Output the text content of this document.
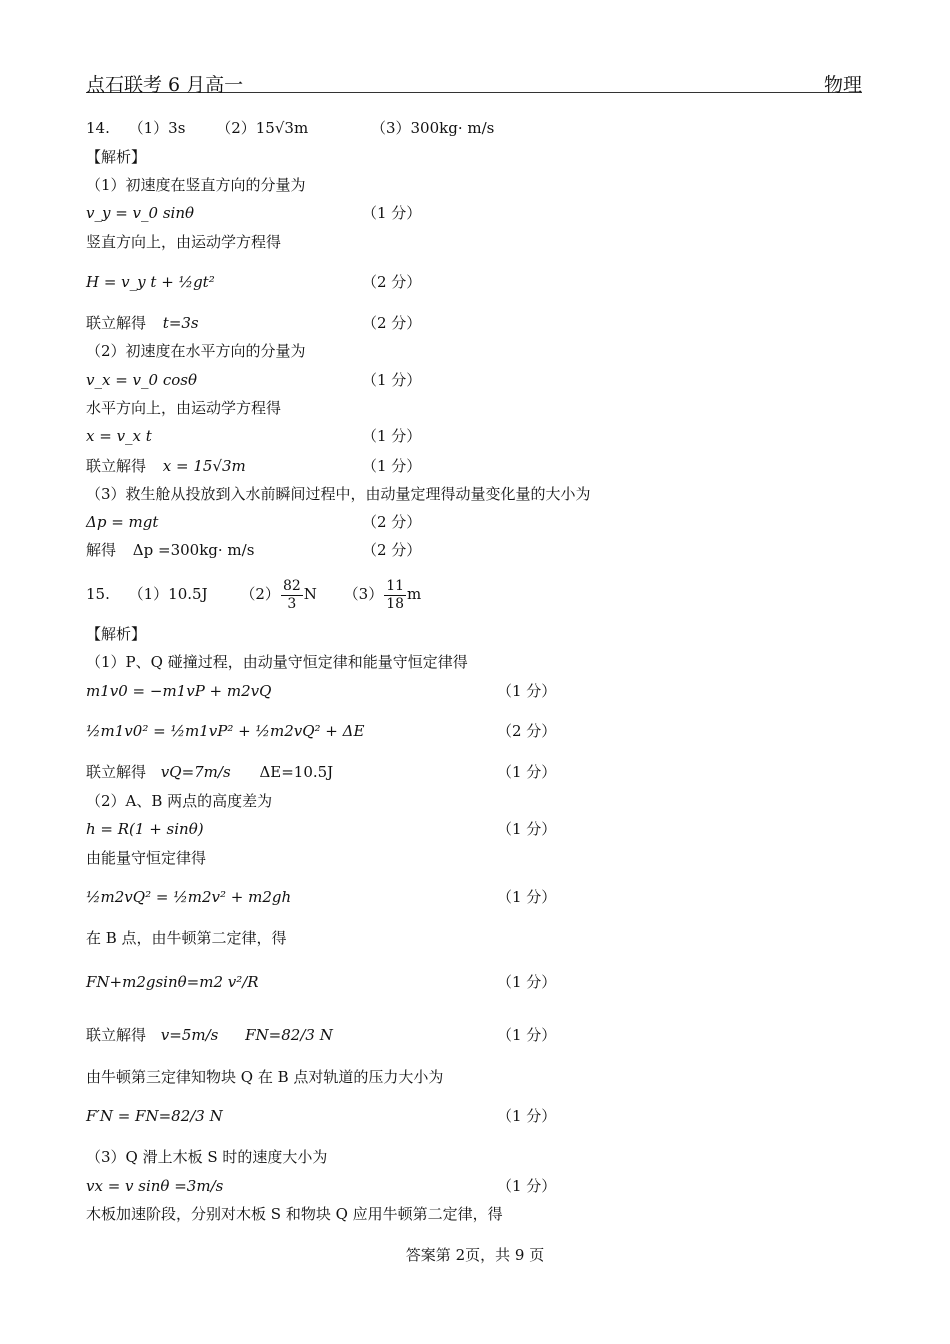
点石联考 6 月高一	物理
14. （1）3s （2）15√3m	（3）300kg· m/s
【解析】
（1）初速度在竖直方向的分量为
v_y = v_0 sinθ	（1 分）
竖直方向上，由运动学方程得
H = v_y t + ½gt²	（2 分）
联立解得 t=3s	（2 分）
（2）初速度在水平方向的分量为
v_x = v_0 cosθ	（1 分）
水平方向上，由运动学方程得
x = v_x t	（1 分）
联立解得 x = 15√3m	（1 分）
（3）救生舱从投放到入水前瞬间过程中，由动量定理得动量变化量的大小为
Δp = mgt	（2 分）
解得 Δp =300kg· m/s	（2 分）
15. （1）10.5J $(2) \frac{82}{3}$ N $(3) \frac{11}{18}$ m
【解析】
（1）P、Q 碰撞过程，由动量守恒定律和能量守恒定律得
m1v0 = −m1vP + m2vQ	（1 分）
½m1v0² = ½m1vP² + ½m2vQ² + ΔE	（2 分）
联立解得 vQ=7m/s ΔE=10.5J	（1 分）
（2）A、B 两点的高度差为
h = R(1 + sinθ)	（1 分）
由能量守恒定律得
½m2vQ² = ½m2v² + m2gh	（1 分）
在 B 点，由牛顿第二定律，得
FN+m2gsinθ=m2 v²/R	（1 分）
联立解得 v=5m/s FN=82/3 N	（1 分）
由牛顿第三定律知物块 Q 在 B 点对轨道的压力大小为
F′N = FN=82/3 N	（1 分）
（3）Q 滑上木板 S 时的速度大小为
vx = v sinθ =3m/s	（1 分）
木板加速阶段，分别对木板 S 和物块 Q 应用牛顿第二定律，得
答案第 2页，共 9 页
